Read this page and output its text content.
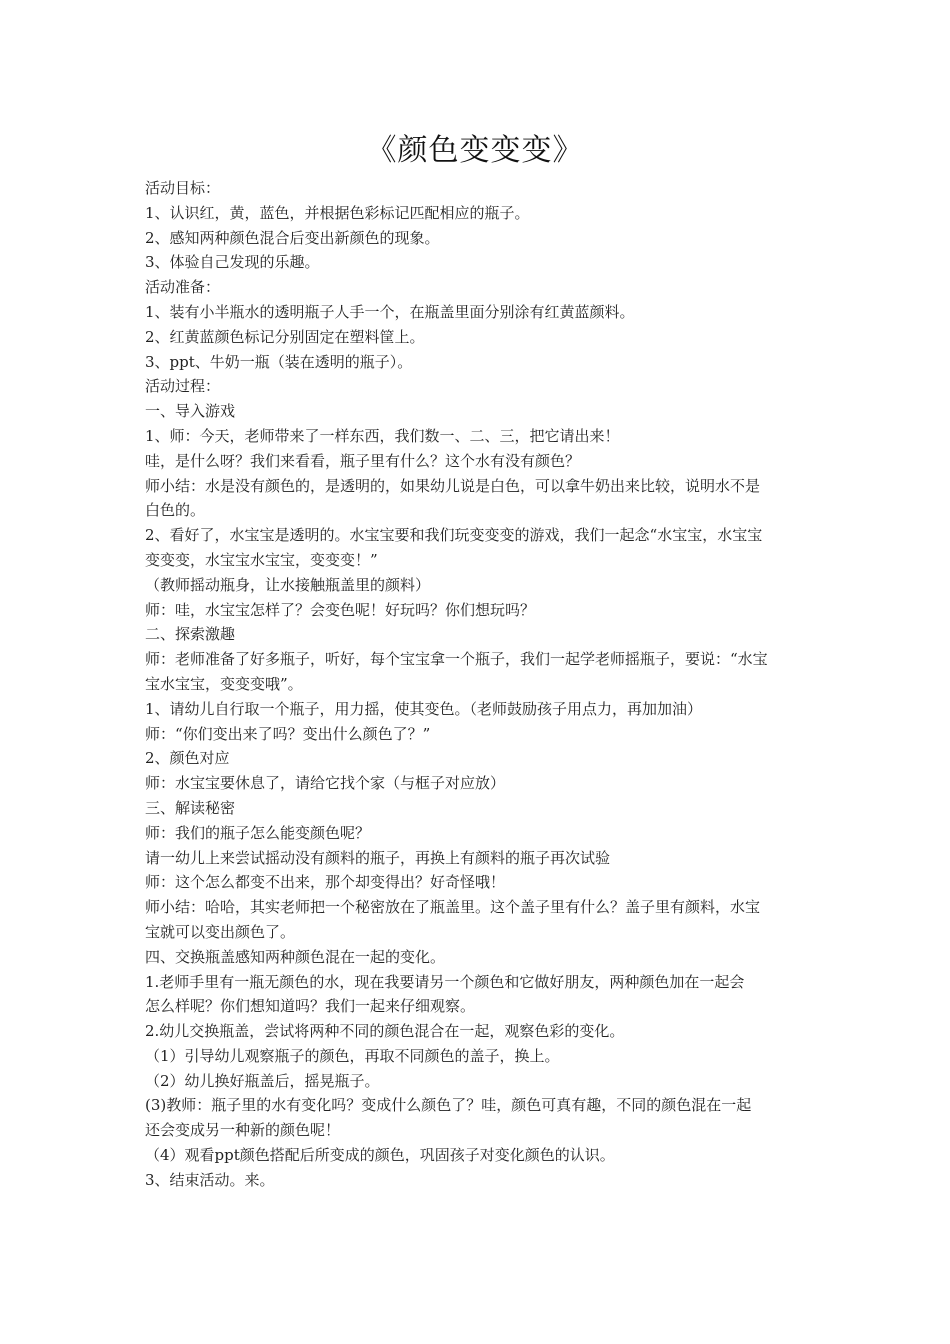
《颜色变变变》

活动目标：

1、认识红，黄，蓝色，并根据色彩标记匹配相应的瓶子。

2、感知两种颜色混合后变出新颜色的现象。

3、体验自己发现的乐趣。

活动准备：

1、装有小半瓶水的透明瓶子人手一个，在瓶盖里面分别涂有红黄蓝颜料。

2、红黄蓝颜色标记分别固定在塑料筐上。

3、ppt、牛奶一瓶（装在透明的瓶子）。

活动过程：

一、导入游戏

1、师：今天，老师带来了一样东西，我们数一、二、三，把它请出来！

哇，是什么呀？我们来看看，瓶子里有什么？这个水有没有颜色？

师小结：水是没有颜色的，是透明的，如果幼儿说是白色，可以拿牛奶出来比较，说明水不是

白色的。

2、看好了，水宝宝是透明的。水宝宝要和我们玩变变变的游戏，我们一起念“水宝宝，水宝宝

变变变，水宝宝水宝宝，变变变！”

（教师摇动瓶身，让水接触瓶盖里的颜料）

师：哇，水宝宝怎样了？会变色呢！好玩吗？你们想玩吗？

二、探索激趣

师：老师准备了好多瓶子，听好，每个宝宝拿一个瓶子，我们一起学老师摇瓶子，要说：“水宝

宝水宝宝，变变变哦”。

1、请幼儿自行取一个瓶子，用力摇，使其变色。（老师鼓励孩子用点力，再加加油）

师：“你们变出来了吗？变出什么颜色了？”

2、颜色对应

师：水宝宝要休息了，请给它找个家（与框子对应放）

三、解读秘密

师：我们的瓶子怎么能变颜色呢？

请一幼儿上来尝试摇动没有颜料的瓶子，再换上有颜料的瓶子再次试验

师：这个怎么都变不出来，那个却变得出？好奇怪哦！

师小结：哈哈，其实老师把一个秘密放在了瓶盖里。这个盖子里有什么？盖子里有颜料，水宝

宝就可以变出颜色了。

四、交换瓶盖感知两种颜色混在一起的变化。

1.老师手里有一瓶无颜色的水，现在我要请另一个颜色和它做好朋友，两种颜色加在一起会

怎么样呢？你们想知道吗？我们一起来仔细观察。

2.幼儿交换瓶盖，尝试将两种不同的颜色混合在一起，观察色彩的变化。

（1）引导幼儿观察瓶子的颜色，再取不同颜色的盖子，换上。

（2）幼儿换好瓶盖后，摇晃瓶子。

(3)教师：瓶子里的水有变化吗？变成什么颜色了？哇，颜色可真有趣，不同的颜色混在一起

还会变成另一种新的颜色呢！

（4）观看ppt颜色搭配后所变成的颜色，巩固孩子对变化颜色的认识。

3、结束活动。来。
